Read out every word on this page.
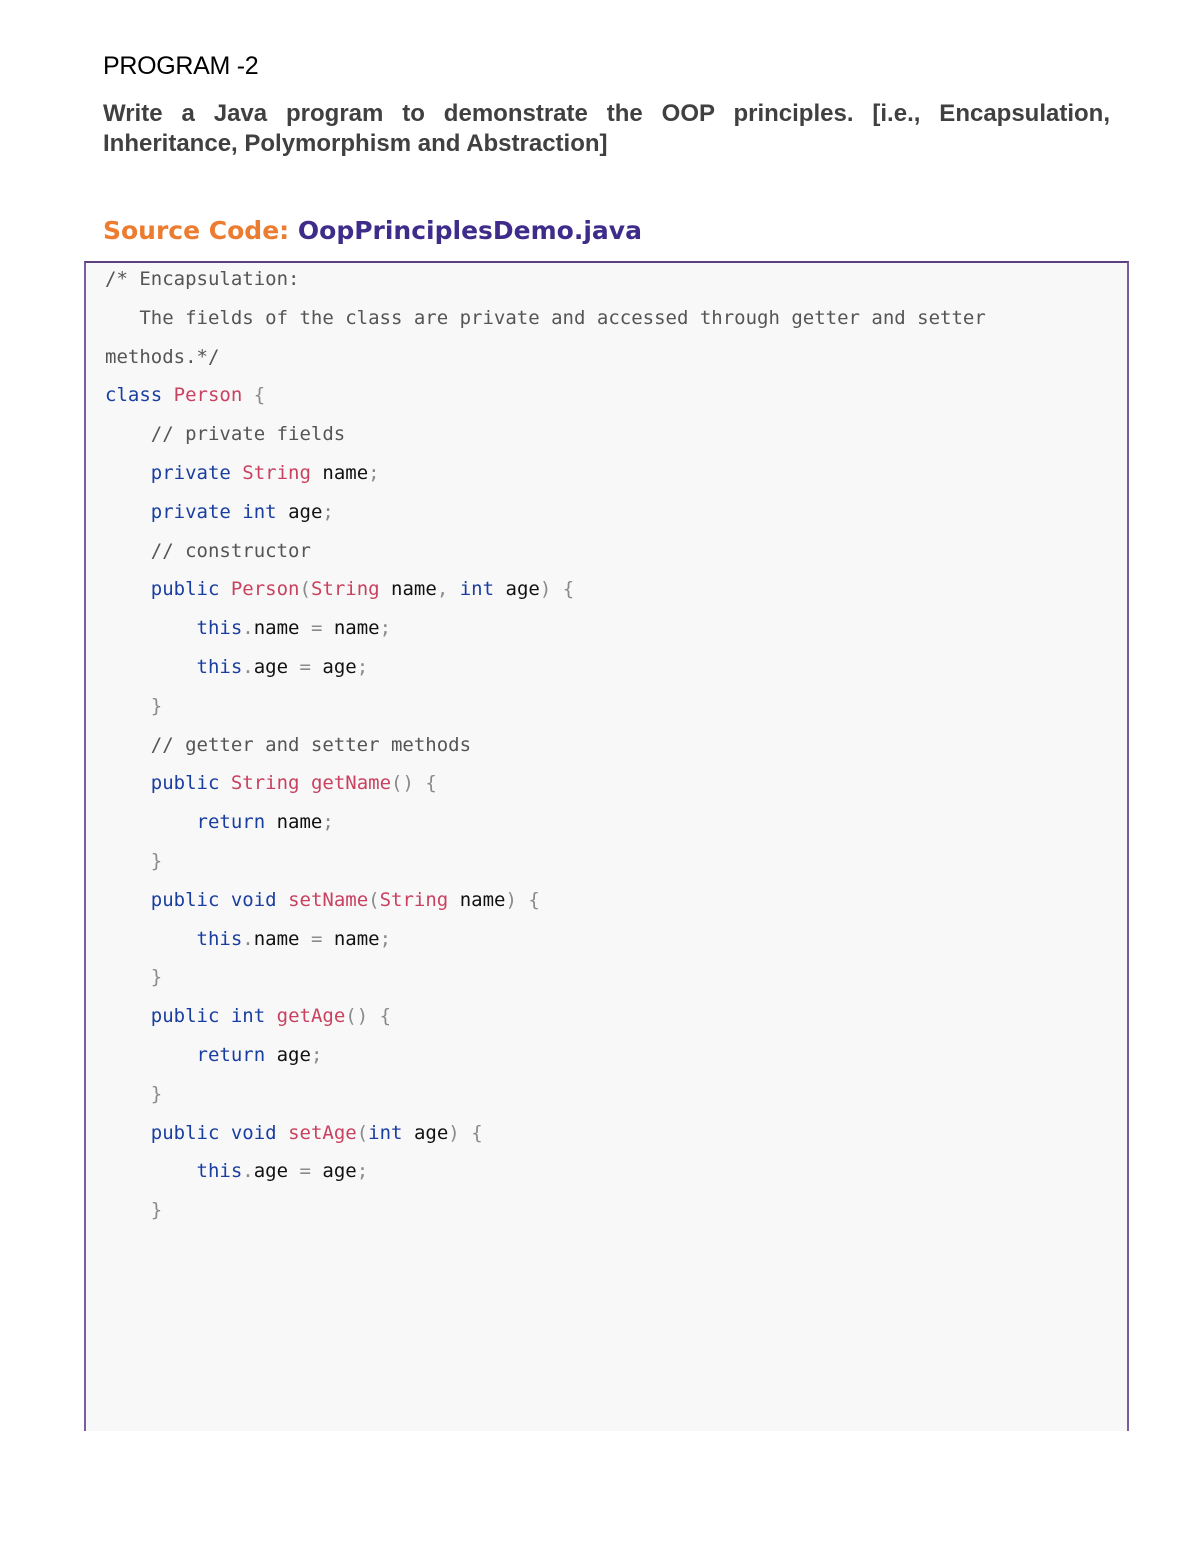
PROGRAM -2
Write a Java program to demonstrate the OOP principles. [i.e., Encapsulation, Inheritance, Polymorphism and Abstraction]
Source Code: OopPrinciplesDemo.java
/* Encapsulation:
The fields of the class are private and accessed through getter and setter
methods.*/
class Person {
// private fields
private String name;
private int age;
// constructor
public Person(String name, int age) {
this.name = name;
this.age = age;
}
// getter and setter methods
public String getName() {
return name;
}
public void setName(String name) {
this.name = name;
}
public int getAge() {
return age;
}
public void setAge(int age) {
this.age = age;
}
